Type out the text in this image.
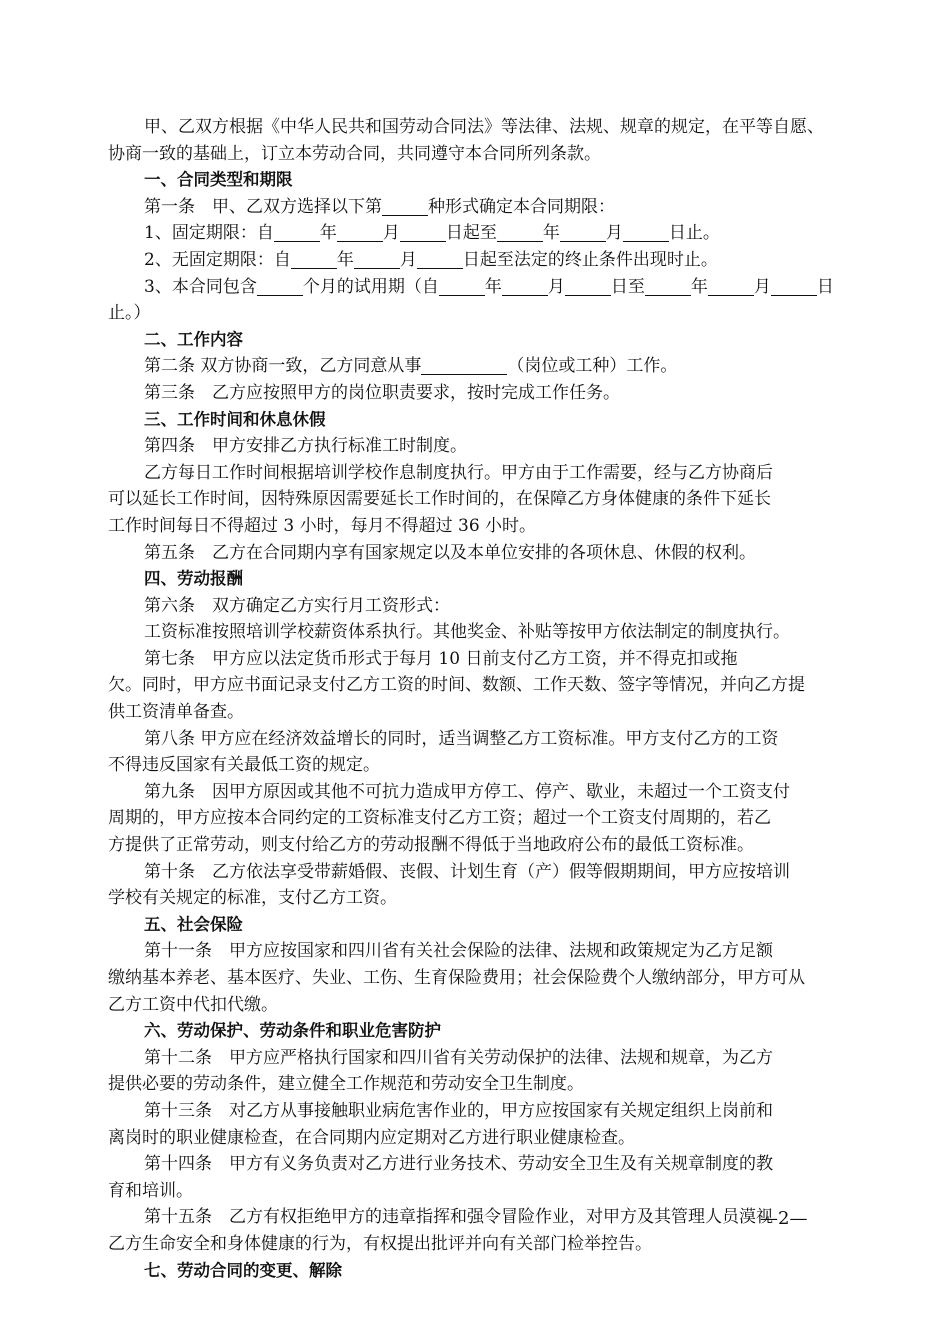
甲、乙双方根据《中华人民共和国劳动合同法》等法律、法规、规章的规定，在平等自愿、
协商一致的基础上，订立本劳动合同，共同遵守本合同所列条款。
一、合同类型和期限
第一条　甲、乙双方选择以下第	种形式确定本合同期限：
1、固定期限：自	年	月	日起至	年	月	日止。
2、无固定期限：自	年	月	日起至法定的终止条件出现时止。
3、本合同包含	个月的试用期（自	年	月	日至	年	月	日
止。）
二、工作内容
第二条 双方协商一致，乙方同意从事	（岗位或工种）工作。
第三条　乙方应按照甲方的岗位职责要求，按时完成工作任务。
三、工作时间和休息休假
第四条　甲方安排乙方执行标准工时制度。
乙方每日工作时间根据培训学校作息制度执行。甲方由于工作需要，经与乙方协商后
可以延长工作时间，因特殊原因需要延长工作时间的，在保障乙方身体健康的条件下延长
工作时间每日不得超过 3 小时，每月不得超过 36 小时。
第五条　乙方在合同期内享有国家规定以及本单位安排的各项休息、休假的权利。
四、劳动报酬
第六条　双方确定乙方实行月工资形式：
工资标准按照培训学校薪资体系执行。其他奖金、补贴等按甲方依法制定的制度执行。
第七条　甲方应以法定货币形式于每月 10 日前支付乙方工资，并不得克扣或拖
欠。同时，甲方应书面记录支付乙方工资的时间、数额、工作天数、签字等情况，并向乙方提
供工资清单备查。
第八条 甲方应在经济效益增长的同时，适当调整乙方工资标准。甲方支付乙方的工资
不得违反国家有关最低工资的规定。
第九条　因甲方原因或其他不可抗力造成甲方停工、停产、歇业，未超过一个工资支付
周期的，甲方应按本合同约定的工资标准支付乙方工资；超过一个工资支付周期的，若乙
方提供了正常劳动，则支付给乙方的劳动报酬不得低于当地政府公布的最低工资标准。
第十条　乙方依法享受带薪婚假、丧假、计划生育（产）假等假期期间，甲方应按培训
学校有关规定的标准，支付乙方工资。
五、社会保险
第十一条　甲方应按国家和四川省有关社会保险的法律、法规和政策规定为乙方足额
缴纳基本养老、基本医疗、失业、工伤、生育保险费用；社会保险费个人缴纳部分，甲方可从
乙方工资中代扣代缴。
六、劳动保护、劳动条件和职业危害防护
第十二条　甲方应严格执行国家和四川省有关劳动保护的法律、法规和规章，为乙方
提供必要的劳动条件，建立健全工作规范和劳动安全卫生制度。
第十三条　对乙方从事接触职业病危害作业的，甲方应按国家有关规定组织上岗前和
离岗时的职业健康检查，在合同期内应定期对乙方进行职业健康检查。
第十四条　甲方有义务负责对乙方进行业务技术、劳动安全卫生及有关规章制度的教
育和培训。
第十五条　乙方有权拒绝甲方的违章指挥和强令冒险作业，对甲方及其管理人员漠视
乙方生命安全和身体健康的行为，有权提出批评并向有关部门检举控告。
七、劳动合同的变更、解除
—2—
